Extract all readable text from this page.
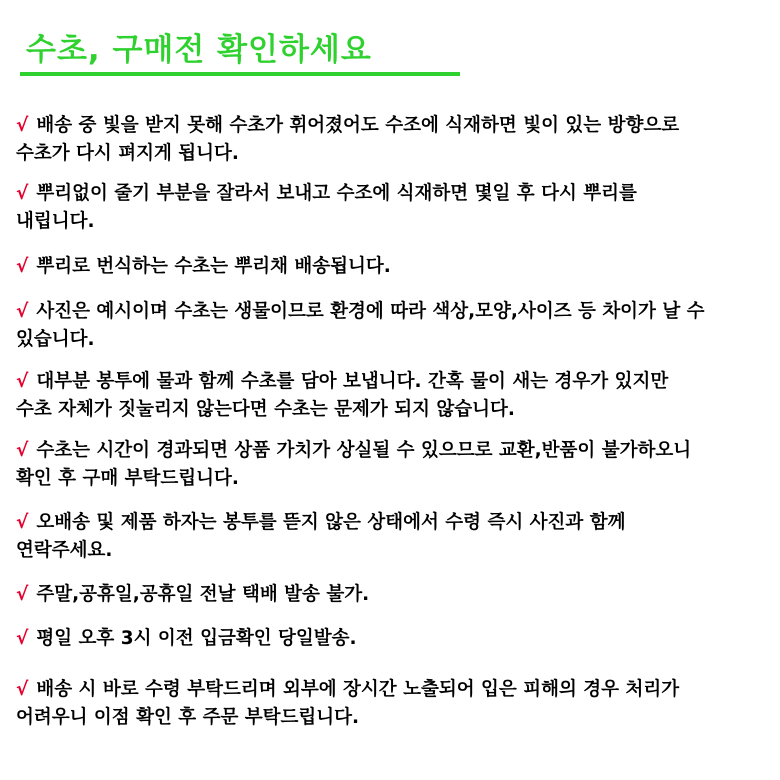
수초, 구매전 확인하세요
√ 배송 중 빛을 받지 못해 수초가 휘어졌어도 수조에 식재하면 빛이 있는 방향으로
수초가 다시 펴지게 됩니다.
√ 뿌리없이 줄기 부분을 잘라서 보내고 수조에 식재하면 몇일 후 다시 뿌리를
내립니다.
√ 뿌리로 번식하는 수초는 뿌리채 배송됩니다.
√ 사진은 예시이며 수초는 생물이므로 환경에 따라 색상,모양,사이즈 등 차이가 날 수
있습니다.
√ 대부분 봉투에 물과 함께 수초를 담아 보냅니다. 간혹 물이 새는 경우가 있지만
수초 자체가 짓눌리지 않는다면 수초는 문제가 되지 않습니다.
√ 수초는 시간이 경과되면 상품 가치가 상실될 수 있으므로 교환,반품이 불가하오니
확인 후 구매 부탁드립니다.
√ 오배송 및 제품 하자는 봉투를 뜯지 않은 상태에서 수령 즉시 사진과 함께
연락주세요.
√ 주말,공휴일,공휴일 전날 택배 발송 불가.
√ 평일 오후 3시 이전 입금확인 당일발송.
√ 배송 시 바로 수령 부탁드리며 외부에 장시간 노출되어 입은 피해의 경우 처리가
어려우니 이점 확인 후 주문 부탁드립니다.
